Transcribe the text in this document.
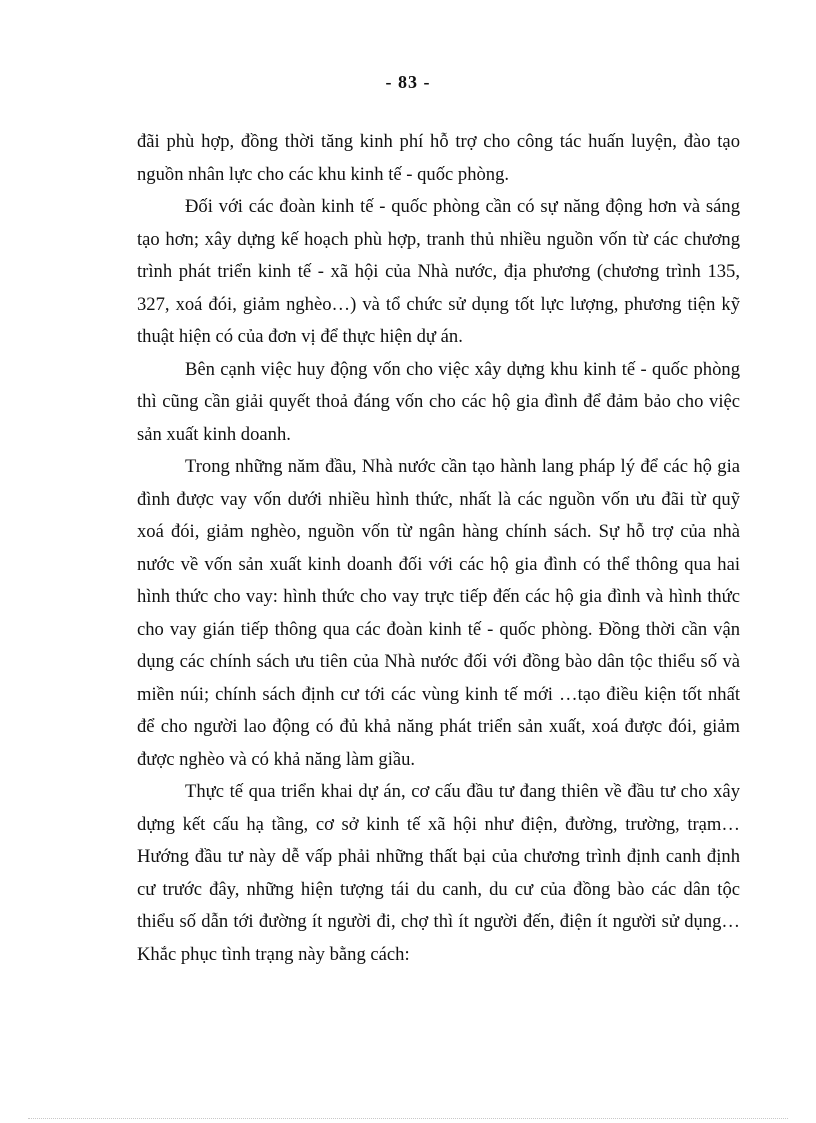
- 83 -

đãi phù hợp, đồng thời tăng kinh phí hỗ trợ cho công tác huấn luyện, đào tạo nguồn nhân lực cho các khu kinh tế - quốc phòng.

Đối với các đoàn kinh tế - quốc phòng cần có sự năng động hơn và sáng tạo hơn; xây dựng kế hoạch phù hợp, tranh thủ nhiều nguồn vốn từ các chương trình phát triển kinh tế - xã hội của Nhà nước, địa phương (chương trình 135, 327, xoá đói, giảm nghèo…) và tổ chức sử dụng tốt lực lượng, phương tiện kỹ thuật hiện có của đơn vị để thực hiện dự án.

Bên cạnh việc huy động vốn cho việc xây dựng khu kinh tế - quốc phòng thì cũng cần giải quyết thoả đáng vốn cho các hộ gia đình để đảm bảo cho việc sản xuất kinh doanh.

Trong những năm đầu, Nhà nước cần tạo hành lang pháp lý để các hộ gia đình được vay vốn dưới nhiều hình thức, nhất là các nguồn vốn ưu đãi từ quỹ xoá đói, giảm nghèo, nguồn vốn từ ngân hàng chính sách. Sự hỗ trợ của nhà nước về vốn sản xuất kinh doanh đối với các hộ gia đình có thể thông qua hai hình thức cho vay: hình thức cho vay trực tiếp đến các hộ gia đình và hình thức cho vay gián tiếp thông qua các đoàn kinh tế - quốc phòng. Đồng thời cần vận dụng các chính sách ưu tiên của Nhà nước đối với đồng bào dân tộc thiểu số và miền núi; chính sách định cư tới các vùng kinh tế mới …tạo điều kiện tốt nhất để cho người lao động có đủ khả năng phát triển sản xuất, xoá được đói, giảm được nghèo và có khả năng làm giầu.

Thực tế qua triển khai dự án, cơ cấu đầu tư đang thiên về đầu tư cho xây dựng kết cấu hạ tầng, cơ sở kinh tế xã hội như điện, đường, trường, trạm…Hướng đầu tư này dễ vấp phải những thất bại của chương trình định canh định cư trước đây, những hiện tượng tái du canh, du cư của đồng bào các dân tộc thiểu số dẫn tới đường ít người đi, chợ thì ít người đến, điện ít người sử dụng…Khắc phục tình trạng này bằng cách:
